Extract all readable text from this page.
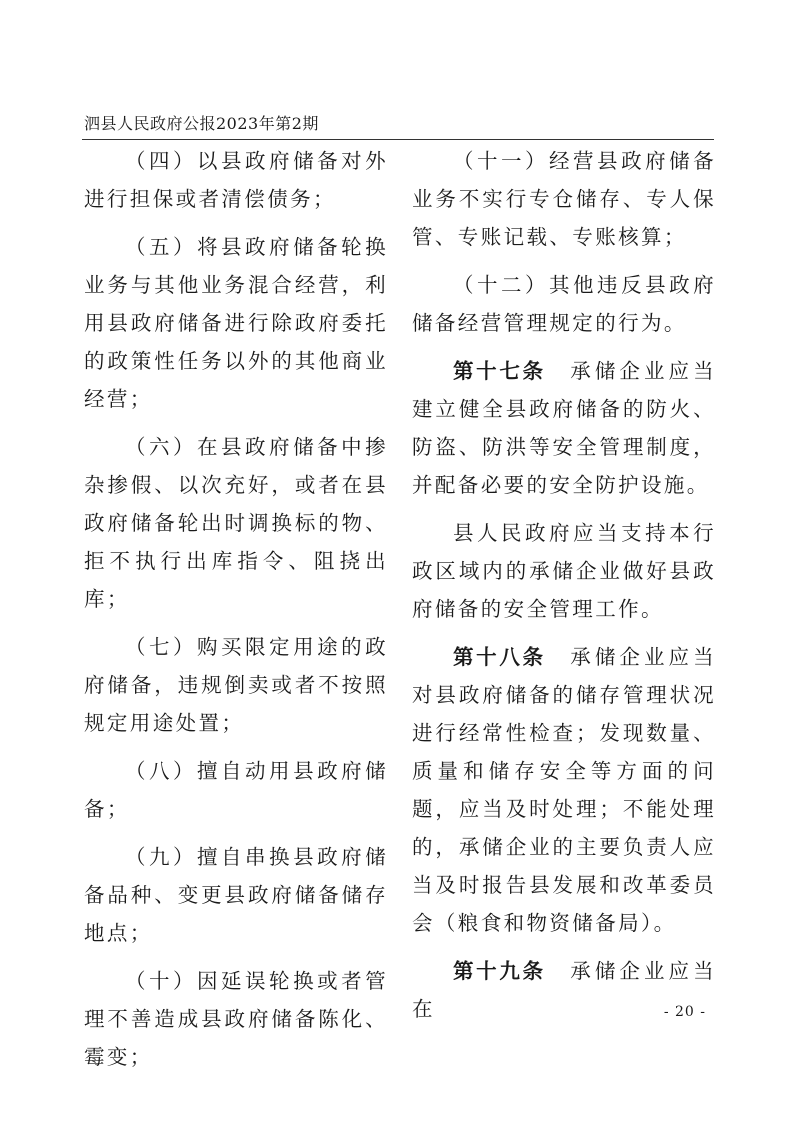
泗县人民政府公报2023年第2期

（四）以县政府储备对外进行担保或者清偿债务；

（五）将县政府储备轮换业务与其他业务混合经营，利用县政府储备进行除政府委托的政策性任务以外的其他商业经营；

（六）在县政府储备中掺杂掺假、以次充好，或者在县政府储备轮出时调换标的物、拒不执行出库指令、阻挠出库；

（七）购买限定用途的政府储备，违规倒卖或者不按照规定用途处置；

（八）擅自动用县政府储备；

（九）擅自串换县政府储备品种、变更县政府储备储存地点；

（十）因延误轮换或者管理不善造成县政府储备陈化、霉变；

（十一）经营县政府储备业务不实行专仓储存、专人保管、专账记载、专账核算；

（十二）其他违反县政府储备经营管理规定的行为。

第十七条　 承储企业应当建立健全县政府储备的防火、防盗、防洪等安全管理制度，并配备必要的安全防护设施。

县人民政府应当支持本行政区域内的承储企业做好县政府储备的安全管理工作。

第十八条　 承储企业应当对县政府储备的储存管理状况进行经常性检查；发现数量、质量和储存安全等方面的问题，应当及时处理；不能处理的，承储企业的主要负责人应当及时报告县发展和改革委员会（粮食和物资储备局）。

第十九条　 承储企业应当在	- 20 -
